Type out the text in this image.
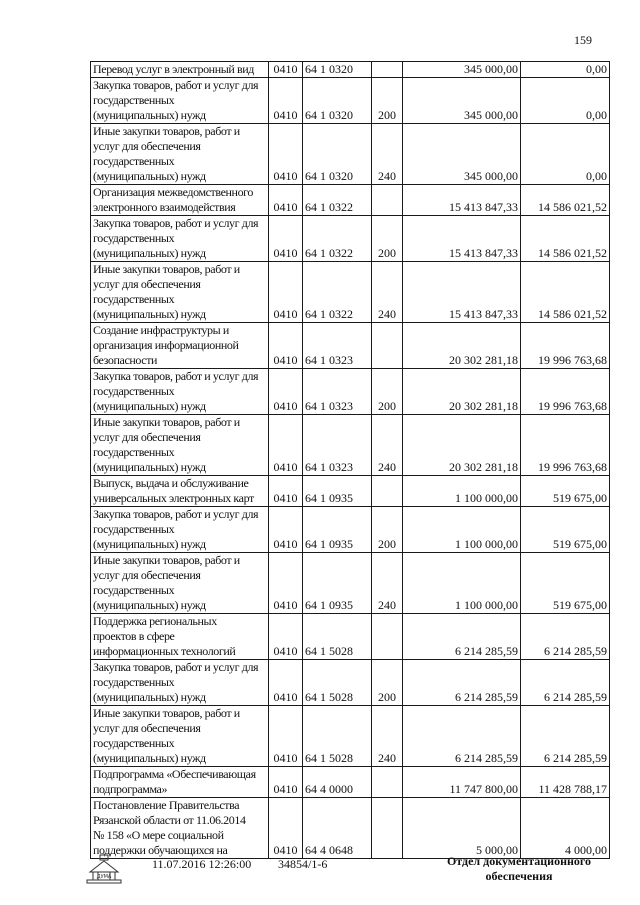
159
Перевод услуг в электронный вид	0410	64 1 0320		345 000,00	0,00
Закупка товаров, работ и услуг для
государственных
(муниципальных) нужд	0410	64 1 0320	200	345 000,00	0,00
Иные закупки товаров, работ и
услуг для обеспечения
государственных
(муниципальных) нужд	0410	64 1 0320	240	345 000,00	0,00
Организация межведомственного
электронного взаимодействия	0410	64 1 0322		15 413 847,33	14 586 021,52
Закупка товаров, работ и услуг для
государственных
(муниципальных) нужд	0410	64 1 0322	200	15 413 847,33	14 586 021,52
Иные закупки товаров, работ и
услуг для обеспечения
государственных
(муниципальных) нужд	0410	64 1 0322	240	15 413 847,33	14 586 021,52
Создание инфраструктуры и
организация информационной
безопасности	0410	64 1 0323		20 302 281,18	19 996 763,68
Закупка товаров, работ и услуг для
государственных
(муниципальных) нужд	0410	64 1 0323	200	20 302 281,18	19 996 763,68
Иные закупки товаров, работ и
услуг для обеспечения
государственных
(муниципальных) нужд	0410	64 1 0323	240	20 302 281,18	19 996 763,68
Выпуск, выдача и обслуживание
универсальных электронных карт	0410	64 1 0935		1 100 000,00	519 675,00
Закупка товаров, работ и услуг для
государственных
(муниципальных) нужд	0410	64 1 0935	200	1 100 000,00	519 675,00
Иные закупки товаров, работ и
услуг для обеспечения
государственных
(муниципальных) нужд	0410	64 1 0935	240	1 100 000,00	519 675,00
Поддержка региональных
проектов в сфере
информационных технологий	0410	64 1 5028		6 214 285,59	6 214 285,59
Закупка товаров, работ и услуг для
государственных
(муниципальных) нужд	0410	64 1 5028	200	6 214 285,59	6 214 285,59
Иные закупки товаров, работ и
услуг для обеспечения
государственных
(муниципальных) нужд	0410	64 1 5028	240	6 214 285,59	6 214 285,59
Подпрограмма «Обеспечивающая
подпрограмма»	0410	64 4 0000		11 747 800,00	11 428 788,17
Постановление Правительства
Рязанской области от 11.06.2014
№ 158 «О мере социальной
поддержки обучающихся на	0410	64 4 0648		5 000,00	4 000,00
ДУМА
11.07.2016 12:26:00 34854/1-6	Отдел документационного
обеспечения
